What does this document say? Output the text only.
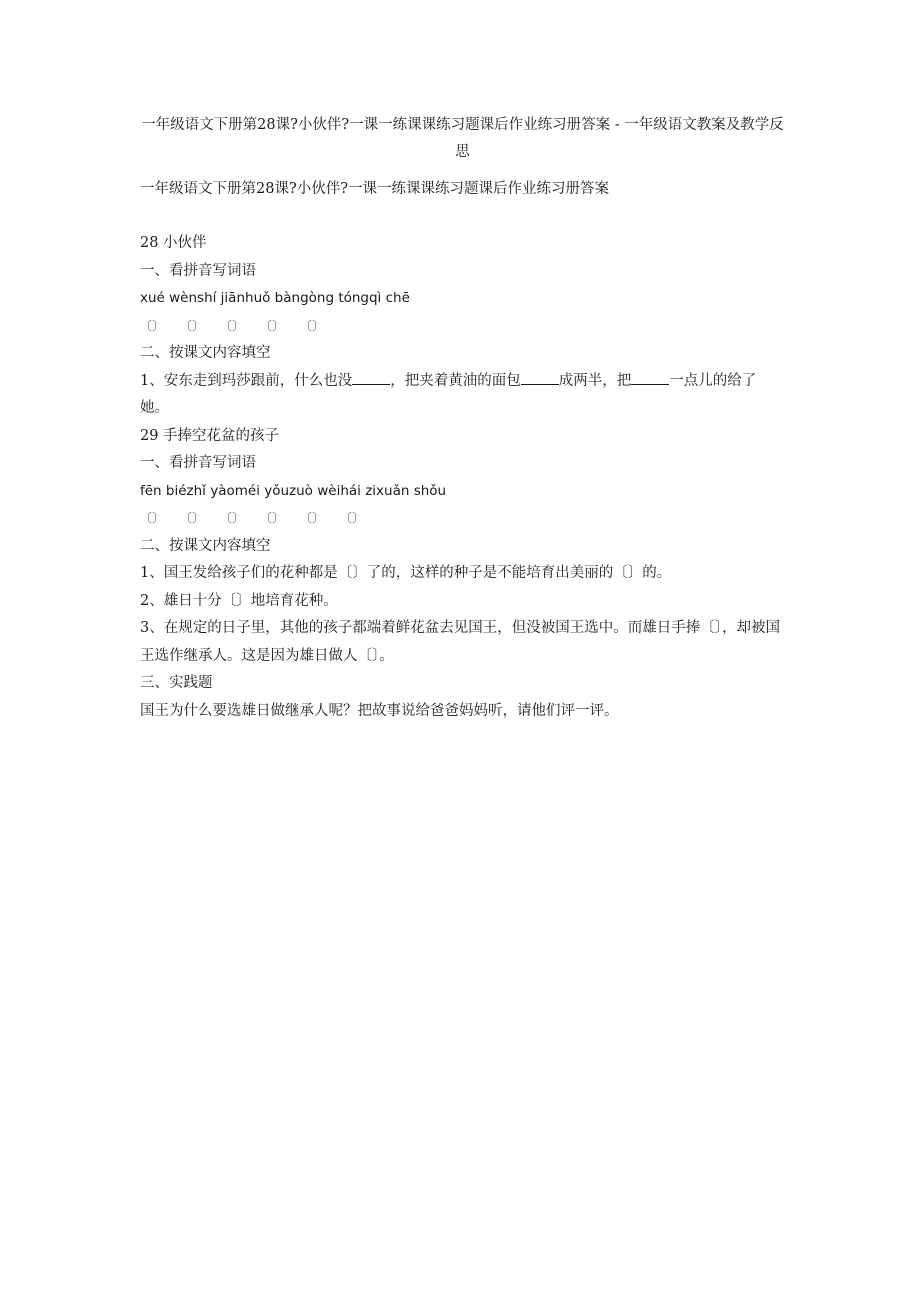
一年级语文下册第28课?小伙伴?一课一练课课练习题课后作业练习册答案 - 一年级语文教案及教学反思

一年级语文下册第28课?小伙伴?一课一练课课练习题课后作业练习册答案

28 小伙伴
一、看拼音写词语
xué wènshí jiānhuǒ bàngòng tóngqì chē
〔〕 〔〕 〔〕 〔〕 〔〕
二、按课文内容填空
1、安东走到玛莎跟前，什么也没	，把夹着黄油的面包	成两半，把	一点儿的给了她。
29 手捧空花盆的孩子
一、看拼音写词语
fēn biézhǐ yàoméi yǒuzuò wèihái zixuǎn shǒu
〔〕 〔〕 〔〕 〔〕 〔〕 〔〕
二、按课文内容填空
1、国王发给孩子们的花种都是〔〕了的，这样的种子是不能培育出美丽的〔〕的。
2、雄日十分〔〕地培育花种。
3、在规定的日子里，其他的孩子都端着鲜花盆去见国王，但没被国王选中。而雄日手捧〔〕，却被国王选作继承人。这是因为雄日做人〔〕。
三、实践题
国王为什么要选雄日做继承人呢？把故事说给爸爸妈妈听，请他们评一评。
